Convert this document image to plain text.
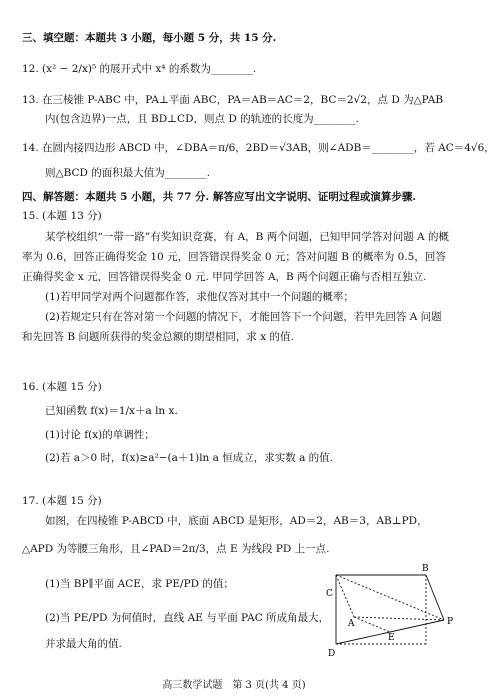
三、填空题：本题共 3 小题，每小题 5 分，共 15 分.
12. (x² − 2/x)⁵ 的展开式中 x⁴ 的系数为________.
13. 在三棱锥 P-ABC 中，PA⊥平面 ABC，PA＝AB＝AC＝2，BC＝2√2，点 D 为△PAB
内(包含边界)一点，且 BD⊥CD，则点 D 的轨迹的长度为________.
14. 在圆内接四边形 ABCD 中，∠DBA＝π/6，2BD＝√3AB，则∠ADB＝________，若 AC＝4√6，
则△BCD 的面积最大值为________.
四、解答题：本题共 5 小题，共 77 分. 解答应写出文字说明、证明过程或演算步骤.
15. (本题 13 分)
某学校组织“一带一路”有奖知识竞赛，有 A，B 两个问题，已知甲同学答对问题 A 的概
率为 0.6，回答正确得奖金 10 元，回答错误得奖金 0 元；答对问题 B 的概率为 0.5，回答
正确得奖金 x 元，回答错误得奖金 0 元. 甲同学回答 A，B 两个问题正确与否相互独立.
(1)若甲同学对两个问题都作答，求他仅答对其中一个问题的概率；
(2)若规定只有在答对第一个问题的情况下，才能回答下一个问题，若甲先回答 A 问题
和先回答 B 问题所获得的奖金总额的期望相同，求 x 的值.
16. (本题 15 分)
已知函数 f(x)＝1/x＋a ln x.
(1)讨论 f(x)的单调性；
(2)若 a＞0 时，f(x)≥a²−(a＋1)ln a 恒成立，求实数 a 的值.
17. (本题 15 分)
如图，在四棱锥 P-ABCD 中，底面 ABCD 是矩形，AD＝2，AB＝3，AB⊥PD，
△APD 为等腰三角形，且∠PAD＝2π/3，点 E 为线段 PD 上一点.
(1)当 BP∥平面 ACE，求 PE/PD 的值；
(2)当 PE/PD 为何值时，直线 AE 与平面 PAC 所成角最大，
并求最大角的值.
B
C
A
E
P
D
高三数学试题　第 3 页(共 4 页)
